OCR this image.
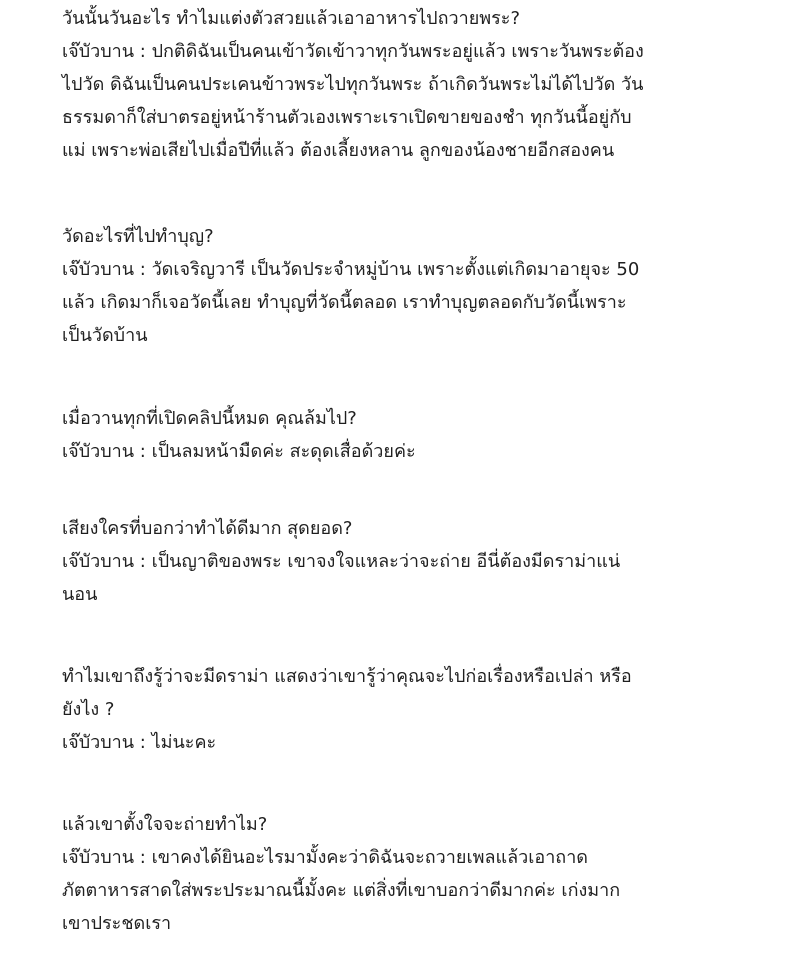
วันนั้นวันอะไร ทำไมแต่งตัวสวยแล้วเอาอาหารไปถวายพระ?
เจ๊บัวบาน : ปกติดิฉันเป็นคนเข้าวัดเข้าวาทุกวันพระอยู่แล้ว เพราะวันพระต้อง
ไปวัด ดิฉันเป็นคนประเคนข้าวพระไปทุกวันพระ ถ้าเกิดวันพระไม่ได้ไปวัด วัน
ธรรมดาก็ใส่บาตรอยู่หน้าร้านตัวเองเพราะเราเปิดขายของชำ ทุกวันนี้อยู่กับ
แม่ เพราะพ่อเสียไปเมื่อปีที่แล้ว ต้องเลี้ยงหลาน ลูกของน้องชายอีกสองคน
วัดอะไรที่ไปทำบุญ?
เจ๊บัวบาน : วัดเจริญวารี เป็นวัดประจำหมู่บ้าน เพราะตั้งแต่เกิดมาอายุจะ 50
แล้ว เกิดมาก็เจอวัดนี้เลย ทำบุญที่วัดนี้ตลอด เราทำบุญตลอดกับวัดนี้เพราะ
เป็นวัดบ้าน
เมื่อวานทุกที่เปิดคลิปนี้หมด คุณล้มไป?
เจ๊บัวบาน : เป็นลมหน้ามืดค่ะ สะดุดเสื่อด้วยค่ะ
เสียงใครที่บอกว่าทำได้ดีมาก สุดยอด?
เจ๊บัวบาน : เป็นญาติของพระ เขาจงใจแหละว่าจะถ่าย อีนี่ต้องมีดราม่าแน่
นอน
ทำไมเขาถึงรู้ว่าจะมีดราม่า แสดงว่าเขารู้ว่าคุณจะไปก่อเรื่องหรือเปล่า หรือ
ยังไง ?
เจ๊บัวบาน : ไม่นะคะ
แล้วเขาตั้งใจจะถ่ายทำไม?
เจ๊บัวบาน : เขาคงได้ยินอะไรมามั้งคะว่าดิฉันจะถวายเพลแล้วเอาถาด
ภัตตาหารสาดใส่พระประมาณนี้มั้งคะ แต่สิ่งที่เขาบอกว่าดีมากค่ะ เก่งมาก
เขาประชดเรา
